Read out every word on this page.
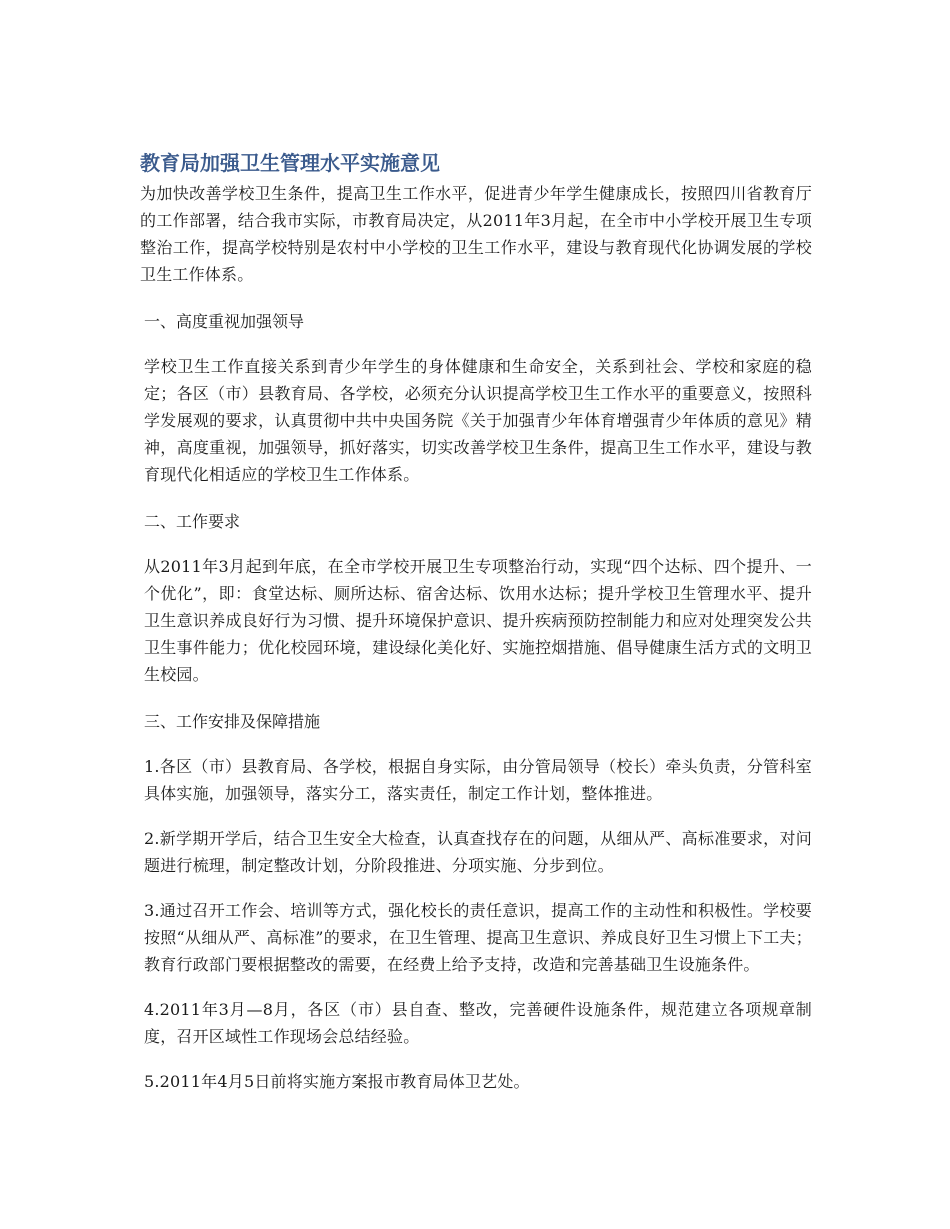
教育局加强卫生管理水平实施意见

为加快改善学校卫生条件，提高卫生工作水平，促进青少年学生健康成长，按照四川省教育厅的工作部署，结合我市实际，市教育局决定，从2011年3月起，在全市中小学校开展卫生专项整治工作，提高学校特别是农村中小学校的卫生工作水平，建设与教育现代化协调发展的学校卫生工作体系。

一、高度重视加强领导

学校卫生工作直接关系到青少年学生的身体健康和生命安全，关系到社会、学校和家庭的稳定；各区（市）县教育局、各学校，必须充分认识提高学校卫生工作水平的重要意义，按照科学发展观的要求，认真贯彻中共中央国务院《关于加强青少年体育增强青少年体质的意见》精神，高度重视，加强领导，抓好落实，切实改善学校卫生条件，提高卫生工作水平，建设与教育现代化相适应的学校卫生工作体系。

二、工作要求

从2011年3月起到年底，在全市学校开展卫生专项整治行动，实现“四个达标、四个提升、一个优化”，即：食堂达标、厕所达标、宿舍达标、饮用水达标；提升学校卫生管理水平、提升卫生意识养成良好行为习惯、提升环境保护意识、提升疾病预防控制能力和应对处理突发公共卫生事件能力；优化校园环境，建设绿化美化好、实施控烟措施、倡导健康生活方式的文明卫生校园。

三、工作安排及保障措施

1.各区（市）县教育局、各学校，根据自身实际，由分管局领导（校长）牵头负责，分管科室具体实施，加强领导，落实分工，落实责任，制定工作计划，整体推进。

2.新学期开学后，结合卫生安全大检查，认真查找存在的问题，从细从严、高标准要求，对问题进行梳理，制定整改计划，分阶段推进、分项实施、分步到位。

3.通过召开工作会、培训等方式，强化校长的责任意识，提高工作的主动性和积极性。学校要按照“从细从严、高标准”的要求，在卫生管理、提高卫生意识、养成良好卫生习惯上下工夫；教育行政部门要根据整改的需要，在经费上给予支持，改造和完善基础卫生设施条件。

4.2011年3月—8月，各区（市）县自查、整改，完善硬件设施条件，规范建立各项规章制度，召开区域性工作现场会总结经验。

5.2011年4月5日前将实施方案报市教育局体卫艺处。
